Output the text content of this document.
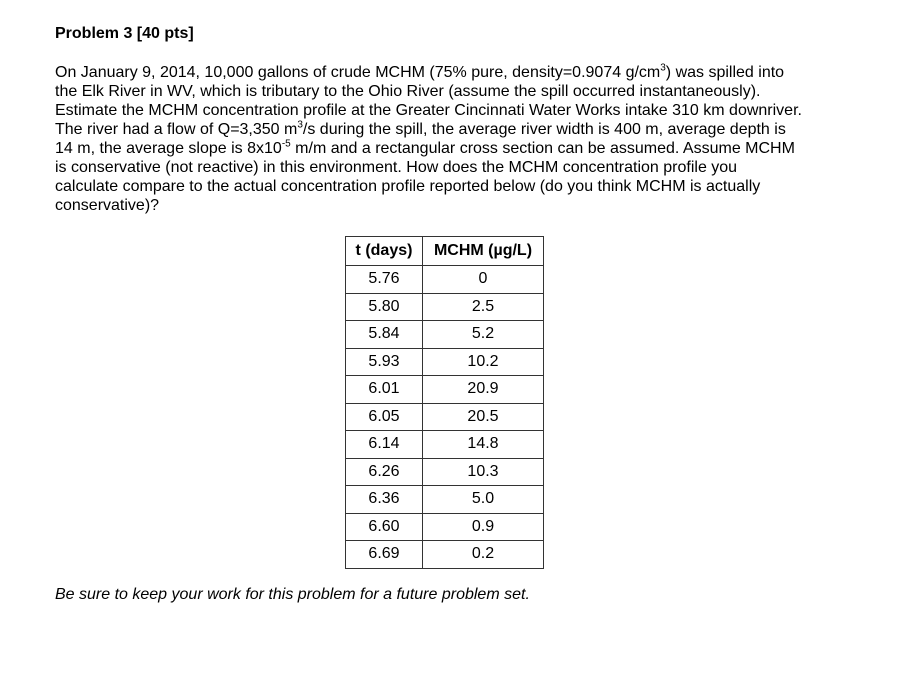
Problem 3 [40 pts]
On January 9, 2014, 10,000 gallons of crude MCHM (75% pure, density=0.9074 $g/cm^3$) was spilled into
the Elk River in WV, which is tributary to the Ohio River (assume the spill occurred instantaneously).
Estimate the MCHM concentration profile at the Greater Cincinnati Water Works intake 310 km downriver.
The river had a flow of Q=3,350 $m^3/s$ during the spill, the average river width is 400 m, average depth is
14 m, the average slope is $8x10^{-5}$ m/m and a rectangular cross section can be assumed. Assume MCHM
is conservative (not reactive) in this environment. How does the MCHM concentration profile you
calculate compare to the actual concentration profile reported below (do you think MCHM is actually
conservative)?
t (days)	MCHM (µg/L)
5.76	0
5.80	2.5
5.84	5.2
5.93	10.2
6.01	20.9
6.05	20.5
6.14	14.8
6.26	10.3
6.36	5.0
6.60	0.9
6.69	0.2

Be sure to keep your work for this problem for a future problem set.
